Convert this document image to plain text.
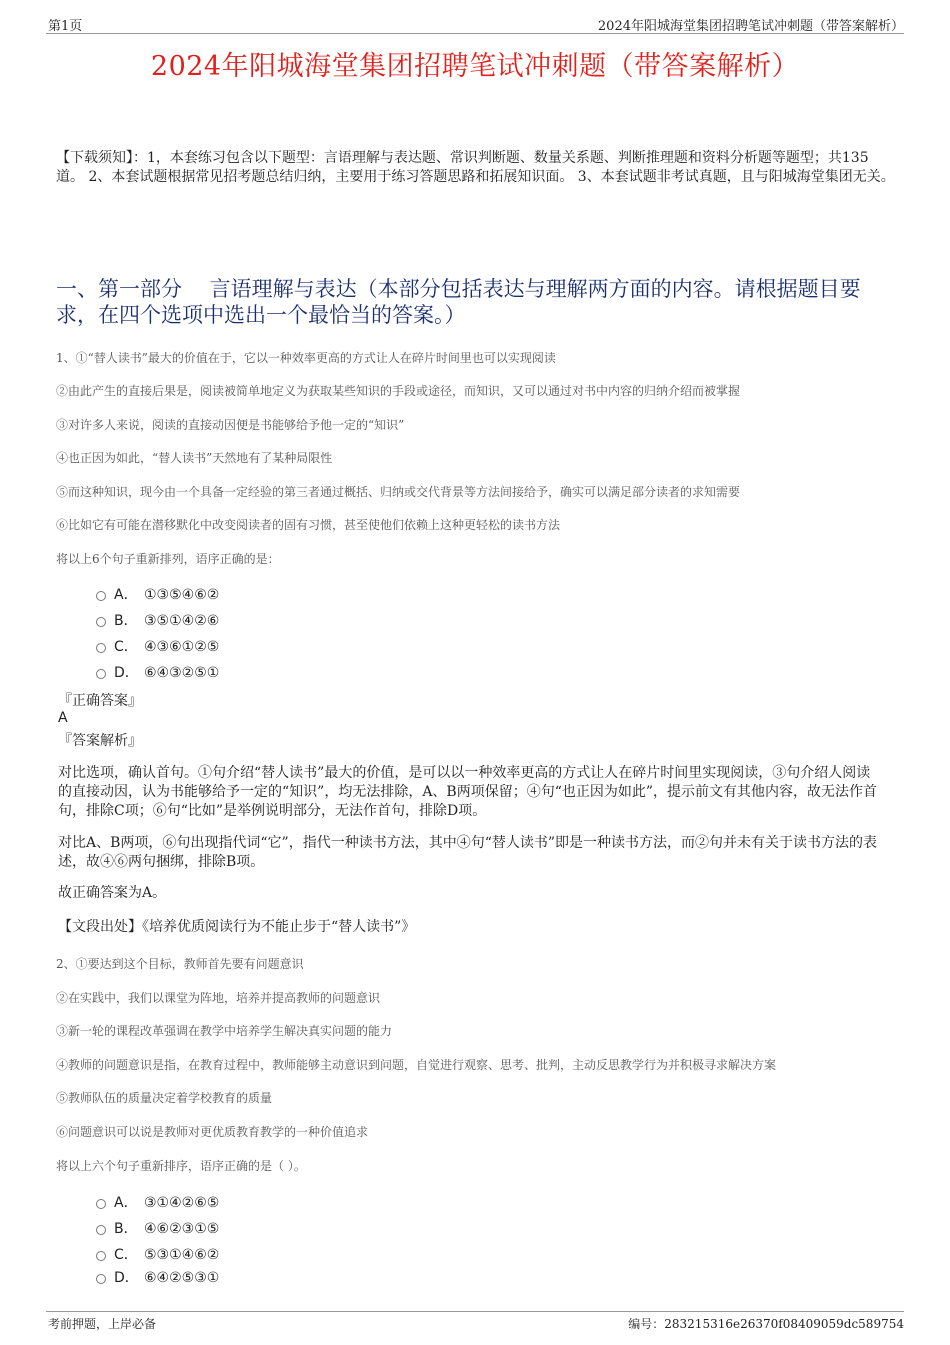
第1页	2024年阳城海堂集团招聘笔试冲刺题（带答案解析）
2024年阳城海堂集团招聘笔试冲刺题（带答案解析）
【下载须知】：1，本套练习包含以下题型：言语理解与表达题、常识判断题、数量关系题、判断推理题和资料分析题等题型；共135道。 2、本套试题根据常见招考题总结归纳，主要用于练习答题思路和拓展知识面。 3、本套试题非考试真题，且与阳城海堂集团无关。
一、第一部分　 言语理解与表达（本部分包括表达与理解两方面的内容。请根据题目要求，在四个选项中选出一个最恰当的答案。）
1、①“替人读书”最大的价值在于，它以一种效率更高的方式让人在碎片时间里也可以实现阅读
②由此产生的直接后果是，阅读被简单地定义为获取某些知识的手段或途径，而知识，又可以通过对书中内容的归纳介绍而被掌握
③对许多人来说，阅读的直接动因便是书能够给予他一定的“知识”
④也正因为如此，“替人读书”天然地有了某种局限性
⑤而这种知识，现今由一个具备一定经验的第三者通过概括、归纳或交代背景等方法间接给予，确实可以满足部分读者的求知需要
⑥比如它有可能在潜移默化中改变阅读者的固有习惯，甚至使他们依赖上这种更轻松的读书方法
将以上6个句子重新排列，语序正确的是：
A． ①③⑤④⑥②
B． ③⑤①④②⑥
C． ④③⑥①②⑤
D． ⑥④③②⑤①
『正确答案』
A
『答案解析』
对比选项，确认首句。①句介绍“替人读书”最大的价值，是可以以一种效率更高的方式让人在碎片时间里实现阅读，③句介绍人阅读的直接动因，认为书能够给予一定的“知识”，均无法排除，A、B两项保留；④句“也正因为如此”，提示前文有其他内容，故无法作首句，排除C项；⑥句“比如”是举例说明部分，无法作首句，排除D项。
对比A、B两项，⑥句出现指代词“它”，指代一种读书方法，其中④句“替人读书”即是一种读书方法，而②句并未有关于读书方法的表述，故④⑥两句捆绑，排除B项。
故正确答案为A。
【文段出处】《培养优质阅读行为不能止步于“替人读书”》
2、①要达到这个目标，教师首先要有问题意识
②在实践中，我们以课堂为阵地，培养并提高教师的问题意识
③新一轮的课程改革强调在教学中培养学生解决真实问题的能力
④教师的问题意识是指，在教育过程中，教师能够主动意识到问题，自觉进行观察、思考、批判，主动反思教学行为并积极寻求解决方案
⑤教师队伍的质量决定着学校教育的质量
⑥问题意识可以说是教师对更优质教育教学的一种价值追求
将以上六个句子重新排序，语序正确的是（ ）。
A． ③①④②⑥⑤
B． ④⑥②③①⑤
C． ⑤③①④⑥②
D． ⑥④②⑤③①
考前押题，上岸必备	编号：283215316e26370f08409059dc589754
